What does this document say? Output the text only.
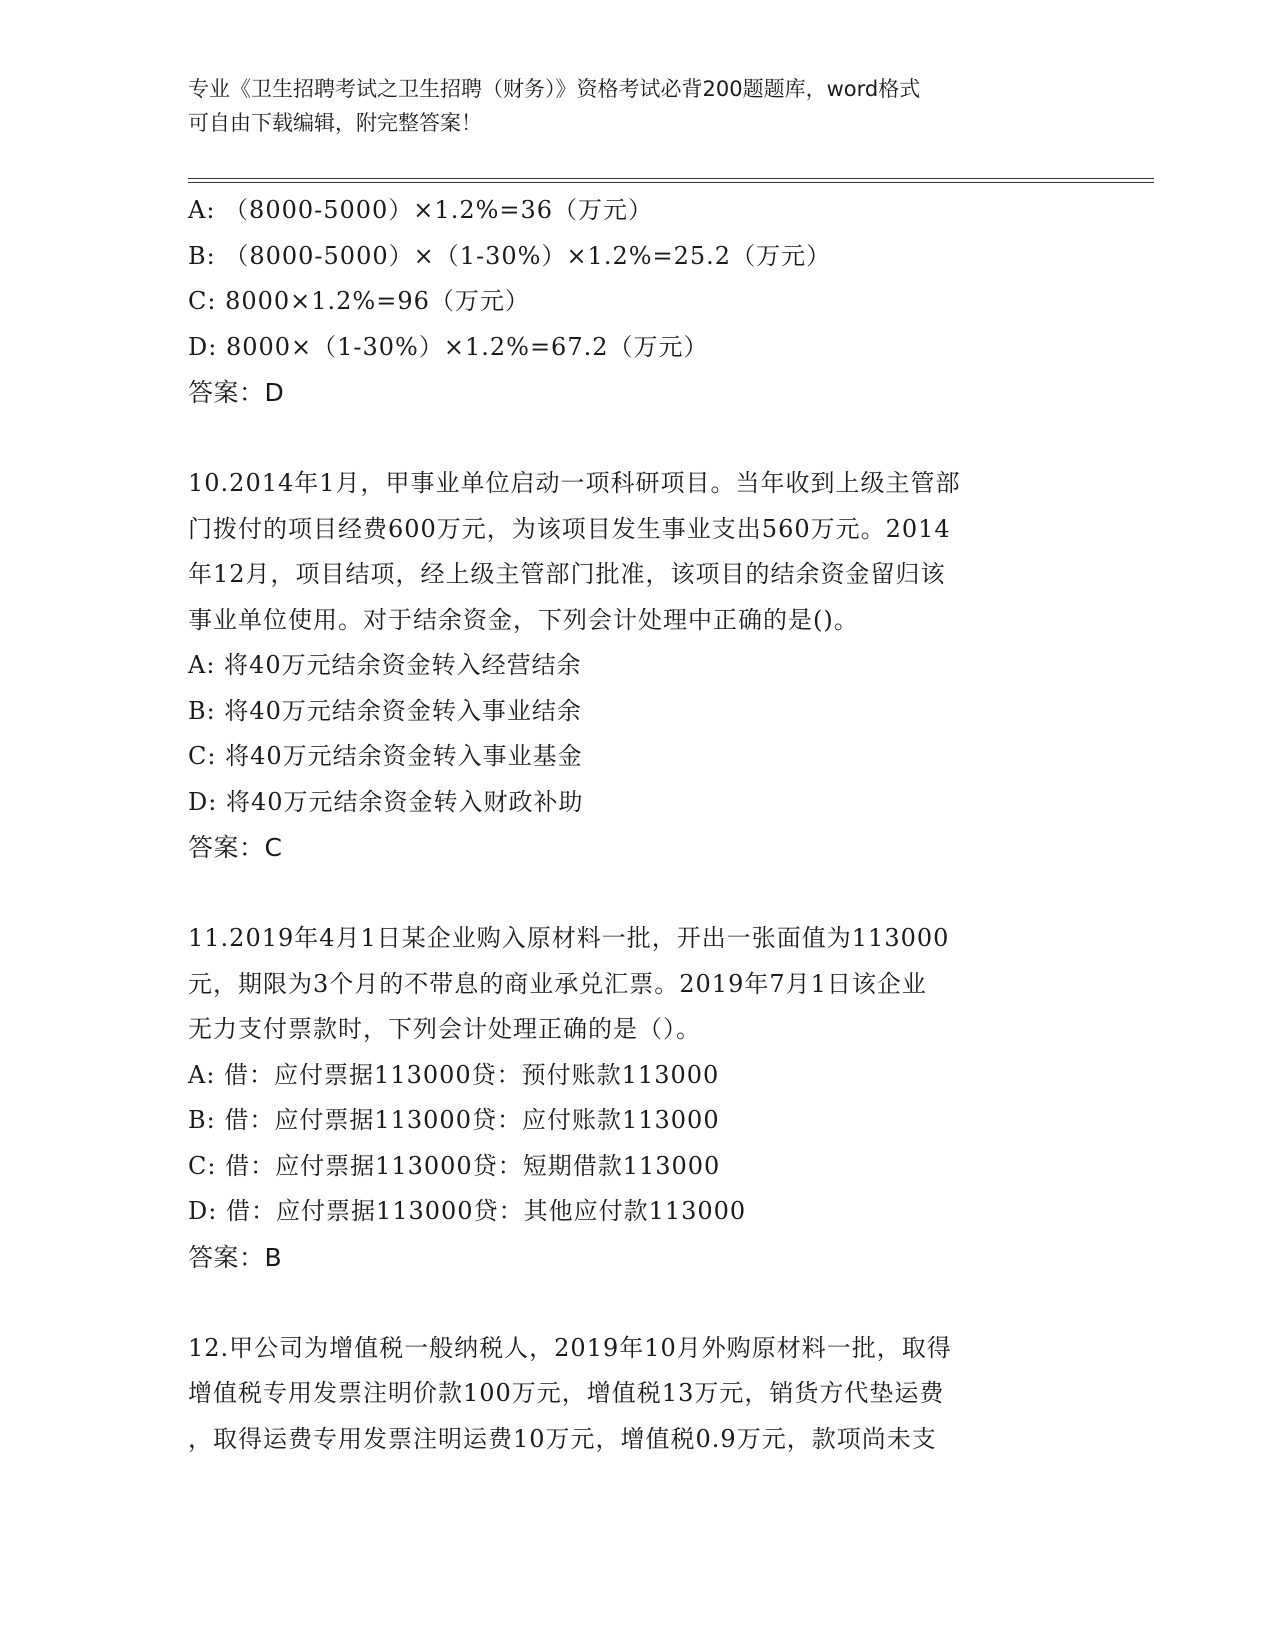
专业《卫生招聘考试之卫生招聘（财务）》资格考试必背200题题库，word格式
可自由下载编辑，附完整答案！
A: （8000-5000）×1.2%=36（万元）
B: （8000-5000）×（1-30%）×1.2%=25.2（万元）
C: 8000×1.2%=96（万元）
D: 8000×（1-30%）×1.2%=67.2（万元）
答案：D
10.2014年1月，甲事业单位启动一项科研项目。当年收到上级主管部
门拨付的项目经费600万元，为该项目发生事业支出560万元。2014
年12月，项目结项，经上级主管部门批准，该项目的结余资金留归该
事业单位使用。对于结余资金，下列会计处理中正确的是()。
A: 将40万元结余资金转入经营结余
B: 将40万元结余资金转入事业结余
C: 将40万元结余资金转入事业基金
D: 将40万元结余资金转入财政补助
答案：C
11.2019年4月1日某企业购入原材料一批，开出一张面值为113000
元，期限为3个月的不带息的商业承兑汇票。2019年7月1日该企业
无力支付票款时，下列会计处理正确的是（）。
A: 借：应付票据113000贷：预付账款113000
B: 借：应付票据113000贷：应付账款113000
C: 借：应付票据113000贷：短期借款113000
D: 借：应付票据113000贷：其他应付款113000
答案：B
12.甲公司为增值税一般纳税人，2019年10月外购原材料一批，取得
增值税专用发票注明价款100万元，增值税13万元，销货方代垫运费
，取得运费专用发票注明运费10万元，增值税0.9万元，款项尚未支
